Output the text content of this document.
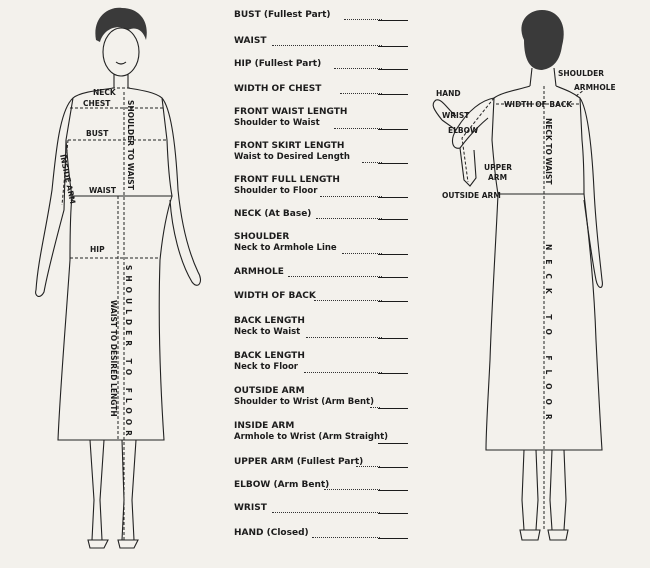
NECK
CHEST
BUST
WAIST
HIP
INSIDE ARM	SHOULDER TO WAIST
SHOULDER TO FLOOR
WAIST TO DESIRED LENGTH
BUST (Fullest Part)
WAIST
HIP (Fullest Part)
WIDTH OF CHEST
FRONT WAIST LENGTH
Shoulder to Waist
FRONT SKIRT LENGTH
Waist to Desired Length
FRONT FULL LENGTH
Shoulder to Floor
NECK (At Base)
SHOULDER
Neck to Armhole Line
ARMHOLE
WIDTH OF BACK
BACK LENGTH
Neck to Waist
BACK LENGTH
Neck to Floor
OUTSIDE ARM
Shoulder to Wrist (Arm Bent)
INSIDE ARM
Armhole to Wrist (Arm Straight)
UPPER ARM (Fullest Part)
ELBOW (Arm Bent)
WRIST
HAND (Closed)
HAND
WRIST
ELBOW
UPPER
ARM
OUTSIDE ARM
SHOULDER
ARMHOLE
WIDTH OF BACK
NECK TO WAIST
NECK TO FLOOR
